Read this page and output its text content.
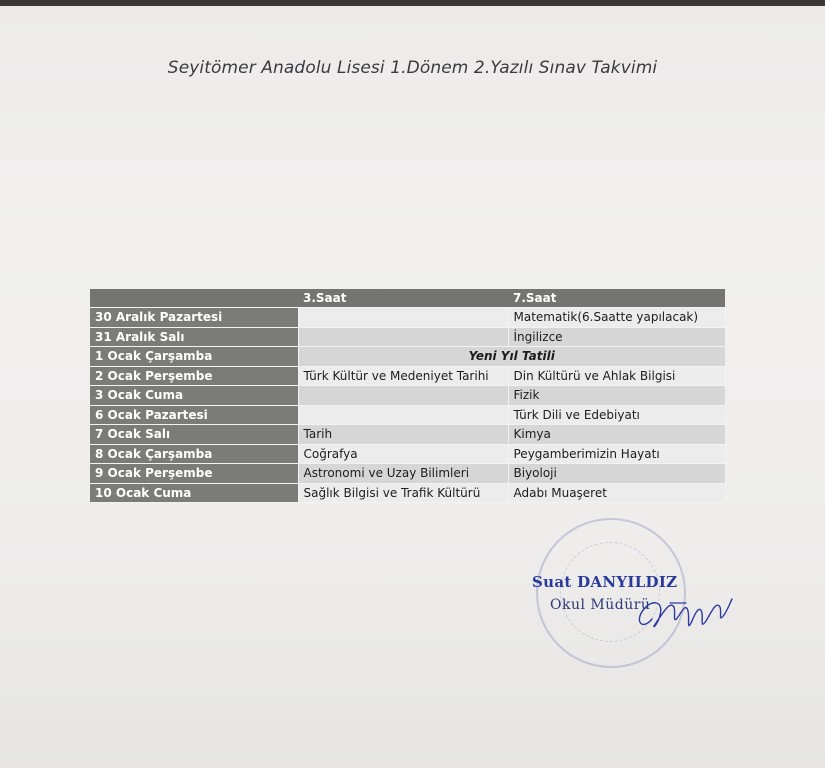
Seyitömer Anadolu Lisesi 1.Dönem 2.Yazılı Sınav Takvimi
	3.Saat	7.Saat
30 Aralık Pazartesi		Matematik(6.Saatte yapılacak)
31 Aralık Salı		İngilizce
1 Ocak Çarşamba	Yeni Yıl Tatili	
2 Ocak Perşembe	Türk Kültür ve Medeniyet Tarihi	Din Kültürü ve Ahlak Bilgisi
3 Ocak Cuma		Fizik
6 Ocak Pazartesi		Türk Dili ve Edebiyatı
7 Ocak Salı	Tarih	Kimya
8 Ocak Çarşamba	Coğrafya	Peygamberimizin Hayatı
9 Ocak Perşembe	Astronomi ve Uzay Bilimleri	Biyoloji
10 Ocak Cuma	Sağlık Bilgisi ve Trafik Kültürü	Adabı Muaşeret
Suat DANYILDIZ
Okul Müdürü
